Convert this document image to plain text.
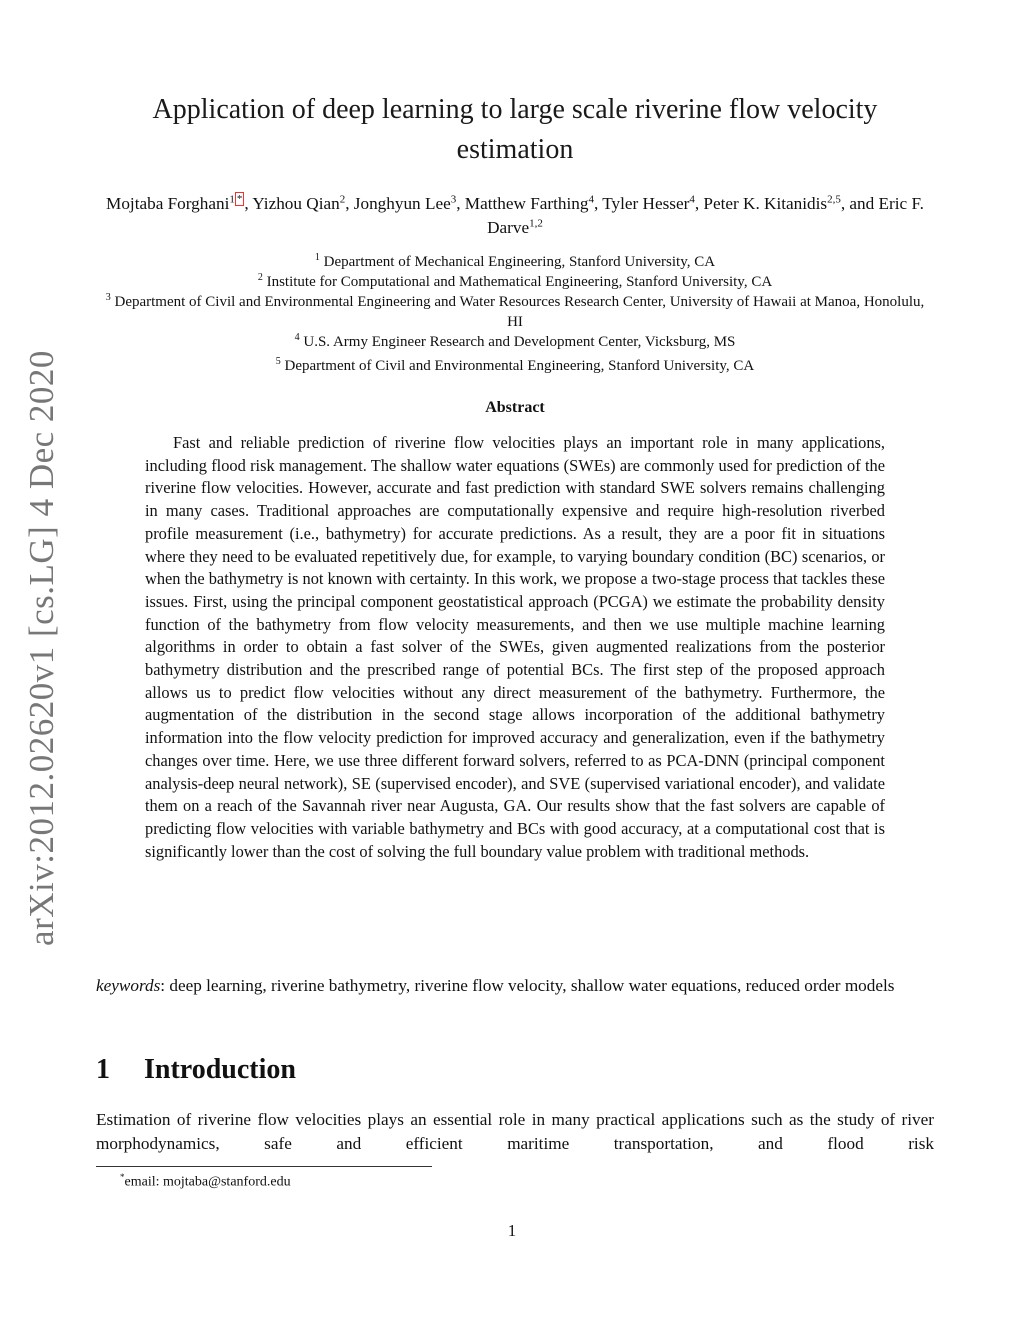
arXiv:2012.02620v1 [cs.LG] 4 Dec 2020
Application of deep learning to large scale riverine flow velocity
estimation
Mojtaba Forghani$^1$ * , Yizhou Qian$^2$, Jonghyun Lee$^3$, Matthew Farthing$^4$, Tyler Hesser$^4$, Peter K. Kitanidis$^{2,5}$, and Eric F. Darve$^{1,2}$
$^1$ Department of Mechanical Engineering, Stanford University, CA
$^2$ Institute for Computational and Mathematical Engineering, Stanford University, CA
$^3$ Department of Civil and Environmental Engineering and Water Resources Research Center, University of Hawaii at Manoa, Honolulu, HI
$^4$ U.S. Army Engineer Research and Development Center, Vicksburg, MS
$^5$ Department of Civil and Environmental Engineering, Stanford University, CA
Abstract
Fast and reliable prediction of riverine flow velocities plays an important role in many applications, including flood risk management. The shallow water equations (SWEs) are commonly used for prediction of the riverine flow velocities. However, accurate and fast prediction with standard SWE solvers remains challenging in many cases. Traditional approaches are computationally expensive and require high-resolution riverbed profile measurement (i.e., bathymetry) for accurate predictions. As a result, they are a poor fit in situations where they need to be evaluated repetitively due, for example, to varying boundary condition (BC) scenarios, or when the bathymetry is not known with certainty. In this work, we propose a two-stage process that tackles these issues. First, using the principal component geostatistical approach (PCGA) we estimate the probability density function of the bathymetry from flow velocity measurements, and then we use multiple machine learning algorithms in order to obtain a fast solver of the SWEs, given augmented realizations from the posterior bathymetry distribution and the prescribed range of potential BCs. The first step of the proposed approach allows us to predict flow velocities without any direct measurement of the bathymetry. Furthermore, the augmentation of the distribution in the second stage allows incorporation of the additional bathymetry information into the flow velocity prediction for improved accuracy and generalization, even if the bathymetry changes over time. Here, we use three different forward solvers, referred to as PCA-DNN (principal component analysis-deep neural network), SE (supervised encoder), and SVE (supervised variational encoder), and validate them on a reach of the Savannah river near Augusta, GA. Our results show that the fast solvers are capable of predicting flow velocities with variable bathymetry and BCs with good accuracy, at a computational cost that is significantly lower than the cost of solving the full boundary value problem with traditional methods.
keywords: deep learning, riverine bathymetry, riverine flow velocity, shallow water equations, reduced order models
1 Introduction
Estimation of riverine flow velocities plays an essential role in many practical applications such as the study of river morphodynamics, safe and efficient maritime transportation, and flood risk
*email: mojtaba@stanford.edu
1
